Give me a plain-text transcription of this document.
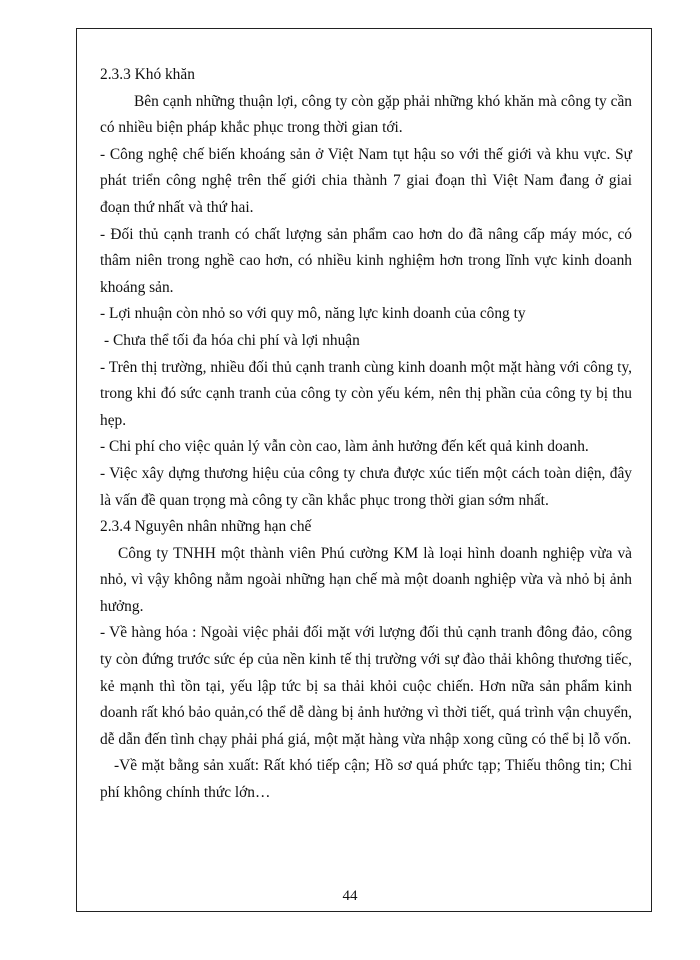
2.3.3 Khó khăn

Bên cạnh những thuận lợi, công ty còn gặp phải những khó khăn mà công ty cần có nhiều biện pháp khắc phục trong thời gian tới.

- Công nghệ chế biến khoáng sản ở Việt Nam tụt hậu so với thế giới và khu vực. Sự phát triển công nghệ trên thế giới chia thành 7 giai đoạn thì Việt Nam đang ở giai đoạn thứ nhất và thứ hai.

- Đối thủ cạnh tranh có chất lượng sản phẩm cao hơn do đã nâng cấp máy móc, có thâm niên trong nghề cao hơn, có nhiều kinh nghiệm hơn trong lĩnh vực kinh doanh khoáng sản.

- Lợi nhuận còn nhỏ so với quy mô, năng lực kinh doanh của công ty

- Chưa thể tối đa hóa chi phí và lợi nhuận

- Trên thị trường, nhiều đối thủ cạnh tranh cùng kinh doanh một mặt hàng với công ty, trong khi đó sức cạnh tranh của công ty còn yếu kém, nên thị phần của công ty bị thu hẹp.

- Chi phí cho việc quản lý vẫn còn cao, làm ảnh hưởng đến kết quả kinh doanh.

- Việc xây dựng thương hiệu của công ty chưa được xúc tiến một cách toàn diện, đây là vấn đề quan trọng mà công ty cần khắc phục trong thời gian sớm nhất.

2.3.4 Nguyên nhân những hạn chế

Công ty TNHH một thành viên Phú cường KM là loại hình doanh nghiệp vừa và nhỏ, vì vậy không nằm ngoài những hạn chế mà một doanh nghiệp vừa và nhỏ bị ảnh hưởng.

- Về hàng hóa : Ngoài việc phải đối mặt với lượng đối thủ cạnh tranh đông đảo, công ty còn đứng trước sức ép của nền kinh tế thị trường với sự đào thải không thương tiếc, kẻ mạnh thì tồn tại, yếu lập tức bị sa thải khỏi cuộc chiến. Hơn nữa sản phẩm kinh doanh rất khó bảo quản,có thể dễ dàng bị ảnh hưởng vì thời tiết, quá trình vận chuyển, dễ dẫn đến tình chạy phải phá giá, một mặt hàng vừa nhập xong cũng có thể bị lỗ vốn.

-Về mặt bằng sản xuất: Rất khó tiếp cận; Hồ sơ quá phức tạp; Thiếu thông tin; Chi phí không chính thức lớn…

44
